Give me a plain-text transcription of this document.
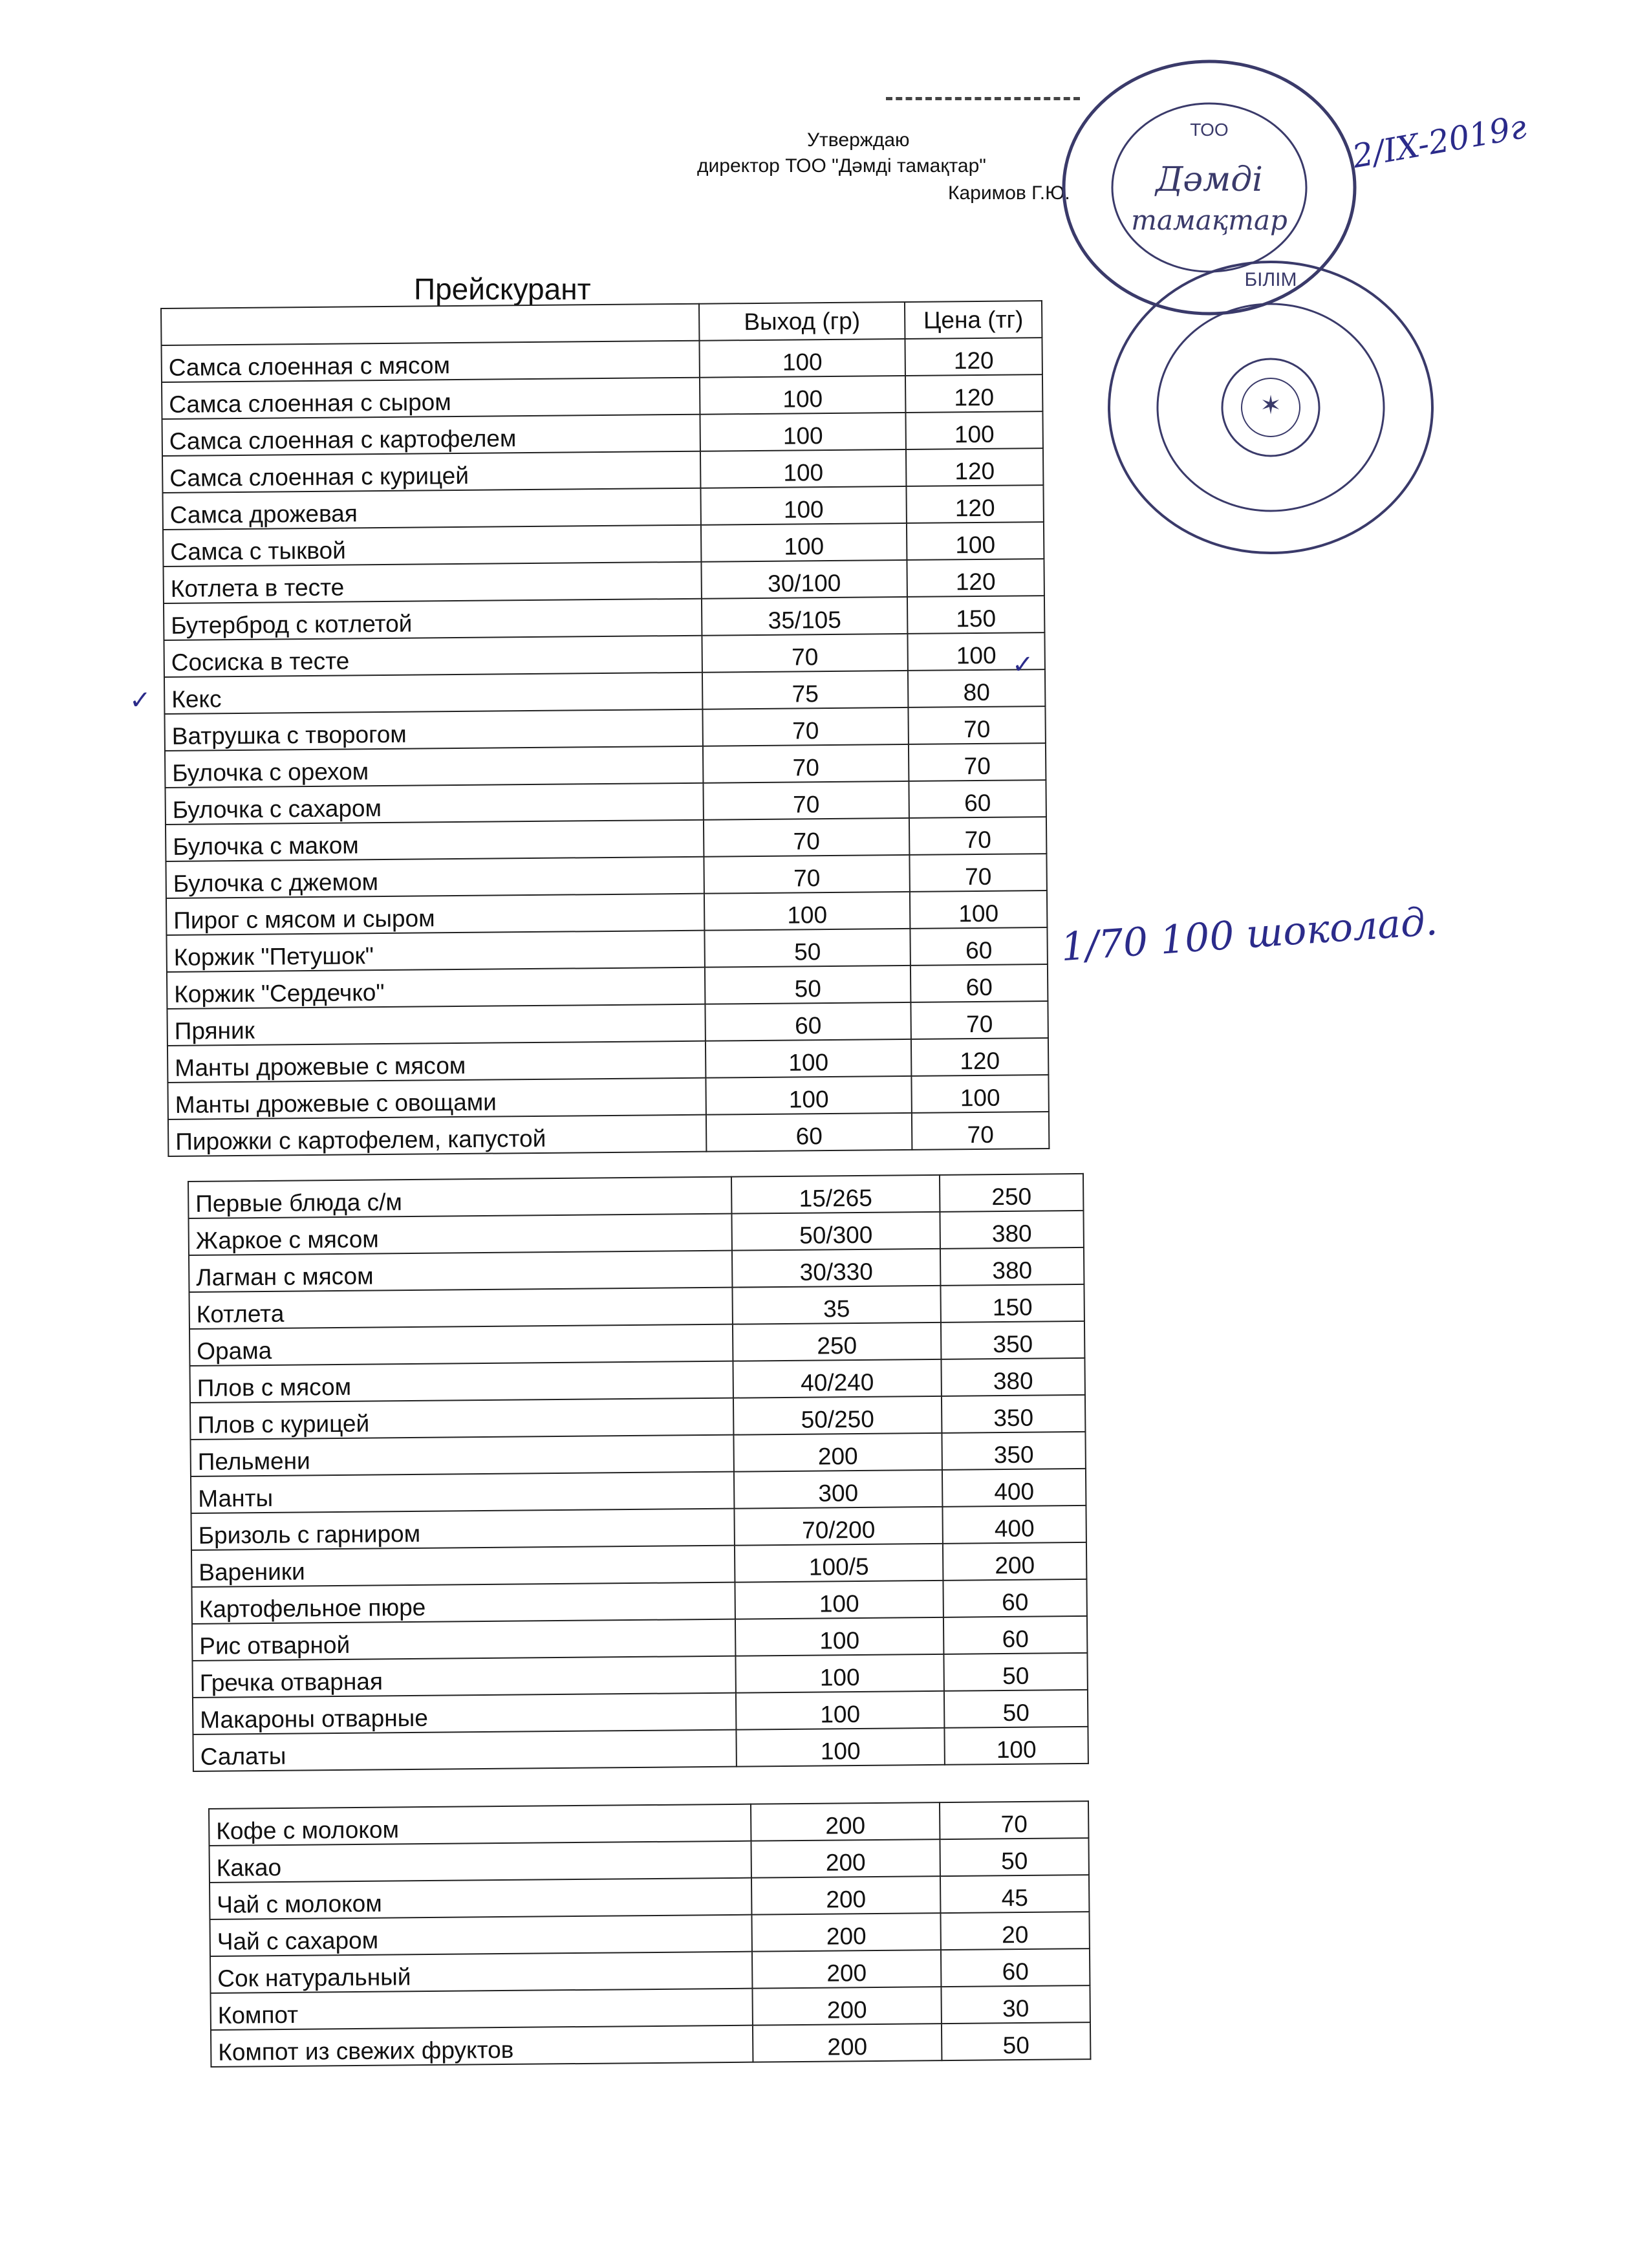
Утверждаю
директор ТОО "Дәмді тамақтар"
Каримов Г.Ю.
2/IX-2019г
ТОО
Дәмді
тамақтар
✶
БІЛІМ
Прейскурант
	Выход (гр)	Цена (тг)
Самса слоенная с мясом	100	120
Самса слоенная с сыром	100	120
Самса слоенная с картофелем	100	100
Самса слоенная с курицей	100	120
Самса дрожевая	100	120
Самса с тыквой	100	100
Котлета в тесте	30/100	120
Бутерброд с котлетой	35/105	150
Сосиска в тесте	70	100
Кекс	75	80
Ватрушка с творогом	70	70
Булочка с орехом	70	70
Булочка с сахаром	70	60
Булочка с маком	70	70
Булочка с джемом	70	70
Пирог с мясом и сыром	100	100
Коржик "Петушок"	50	60
Коржик "Сердечко"	50	60
Пряник	60	70
Манты дрожевые с мясом	100	120
Манты дрожевые с овощами	100	100
Пирожки с картофелем, капустой	60	70
✓
✓
1/70 100 шоколад.
Первые блюда с/м	15/265	250
Жаркое с мясом	50/300	380
Лагман с мясом	30/330	380
Котлета	35	150
Орама	250	350
Плов с мясом	40/240	380
Плов с курицей	50/250	350
Пельмени	200	350
Манты	300	400
Бризоль с гарниром	70/200	400
Вареники	100/5	200
Картофельное пюре	100	60
Рис отварной	100	60
Гречка отварная	100	50
Макароны отварные	100	50
Салаты	100	100
Кофе с молоком	200	70
Какао	200	50
Чай с молоком	200	45
Чай с сахаром	200	20
Сок натуральный	200	60
Компот	200	30
Компот из свежих фруктов	200	50
